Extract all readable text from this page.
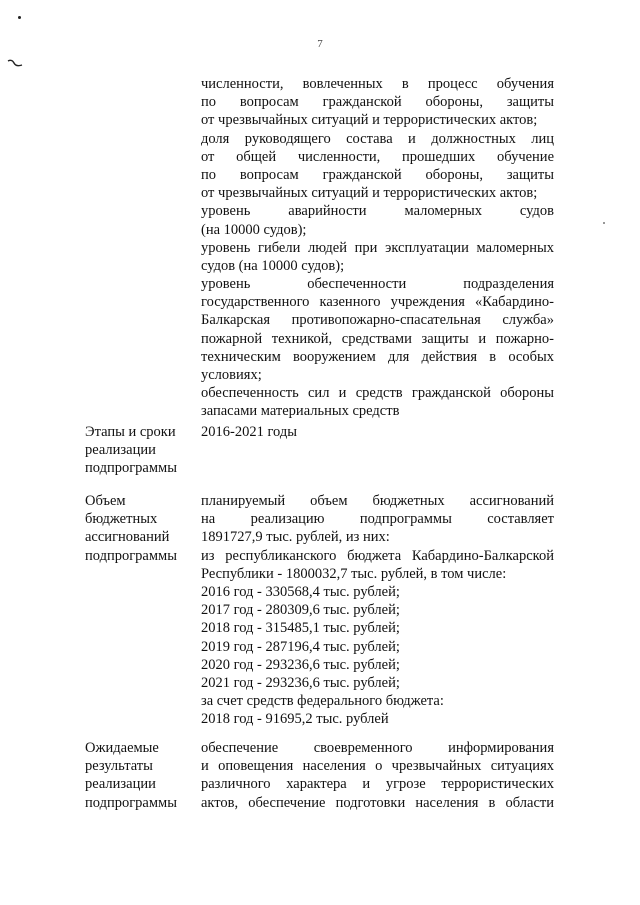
7
численности, вовлеченных в процесс обучения
по вопросам гражданской обороны, защиты
от чрезвычайных ситуаций и террористических актов;
доля руководящего состава и должностных лиц
от общей численности, прошедших обучение
по вопросам гражданской обороны, защиты
от чрезвычайных ситуаций и террористических актов;
уровень аварийности маломерных судов
(на 10000 судов);
уровень гибели людей при эксплуатации маломерных
судов (на 10000 судов);
уровень обеспеченности подразделения
государственного казенного учреждения «Кабардино-
Балкарская противопожарно-спасательная служба»
пожарной техникой, средствами защиты и пожарно-
техническим вооружением для действия в особых
условиях;
обеспеченность сил и средств гражданской обороны
запасами материальных средств
Этапы и сроки
реализации
подпрограммы
2016-2021 годы
Объем
бюджетных
ассигнований
подпрограммы
планируемый объем бюджетных ассигнований
на реализацию подпрограммы составляет
1891727,9 тыс. рублей, из них:
из республиканского бюджета Кабардино-Балкарской
Республики - 1800032,7 тыс. рублей, в том числе:
2016 год - 330568,4 тыс. рублей;
2017 год - 280309,6 тыс. рублей;
2018 год - 315485,1 тыс. рублей;
2019 год - 287196,4 тыс. рублей;
2020 год - 293236,6 тыс. рублей;
2021 год - 293236,6 тыс. рублей;
за счет средств федерального бюджета:
2018 год - 91695,2 тыс. рублей
Ожидаемые
результаты
реализации
подпрограммы
обеспечение своевременного информирования
и оповещения населения о чрезвычайных ситуациях
различного характера и угрозе террористических
актов, обеспечение подготовки населения в области
